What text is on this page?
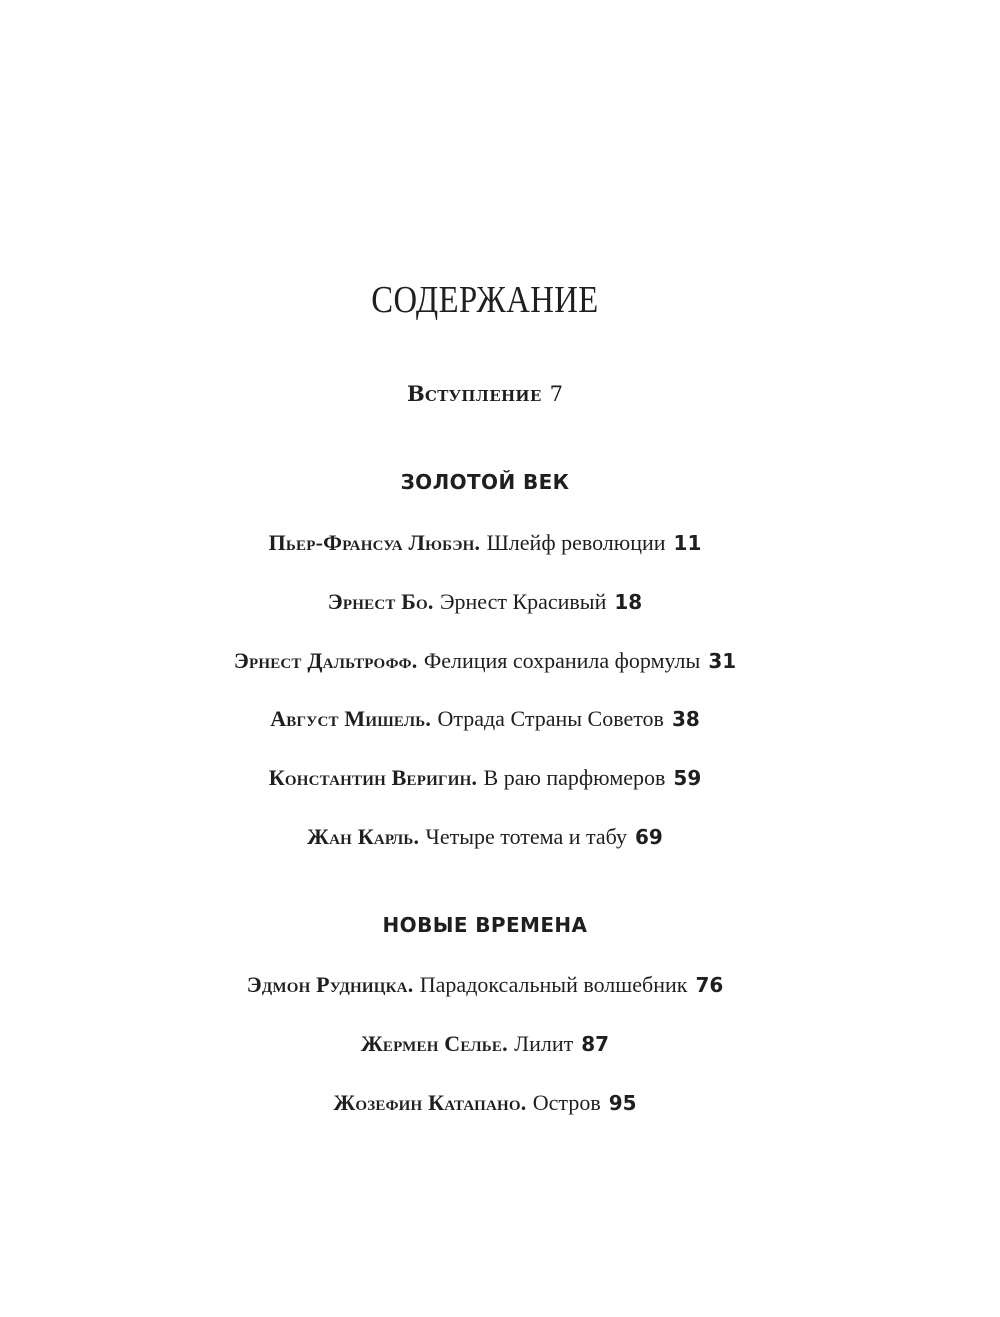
СОДЕРЖАНИЕ
Вступление 7
ЗОЛОТОЙ ВЕК
Пьер-Франсуа Любэн. Шлейф революции 11
Эрнест Бо. Эрнест Красивый 18
Эрнест Дальтрофф. Фелиция сохранила формулы 31
Август Мишель. Отрада Страны Советов 38
Константин Веригин. В раю парфюмеров 59
Жан Карль. Четыре тотема и табу 69
НОВЫЕ ВРЕМЕНА
Эдмон Рудницка. Парадоксальный волшебник 76
Жермен Селье. Лилит 87
Жозефин Катапано. Остров 95
